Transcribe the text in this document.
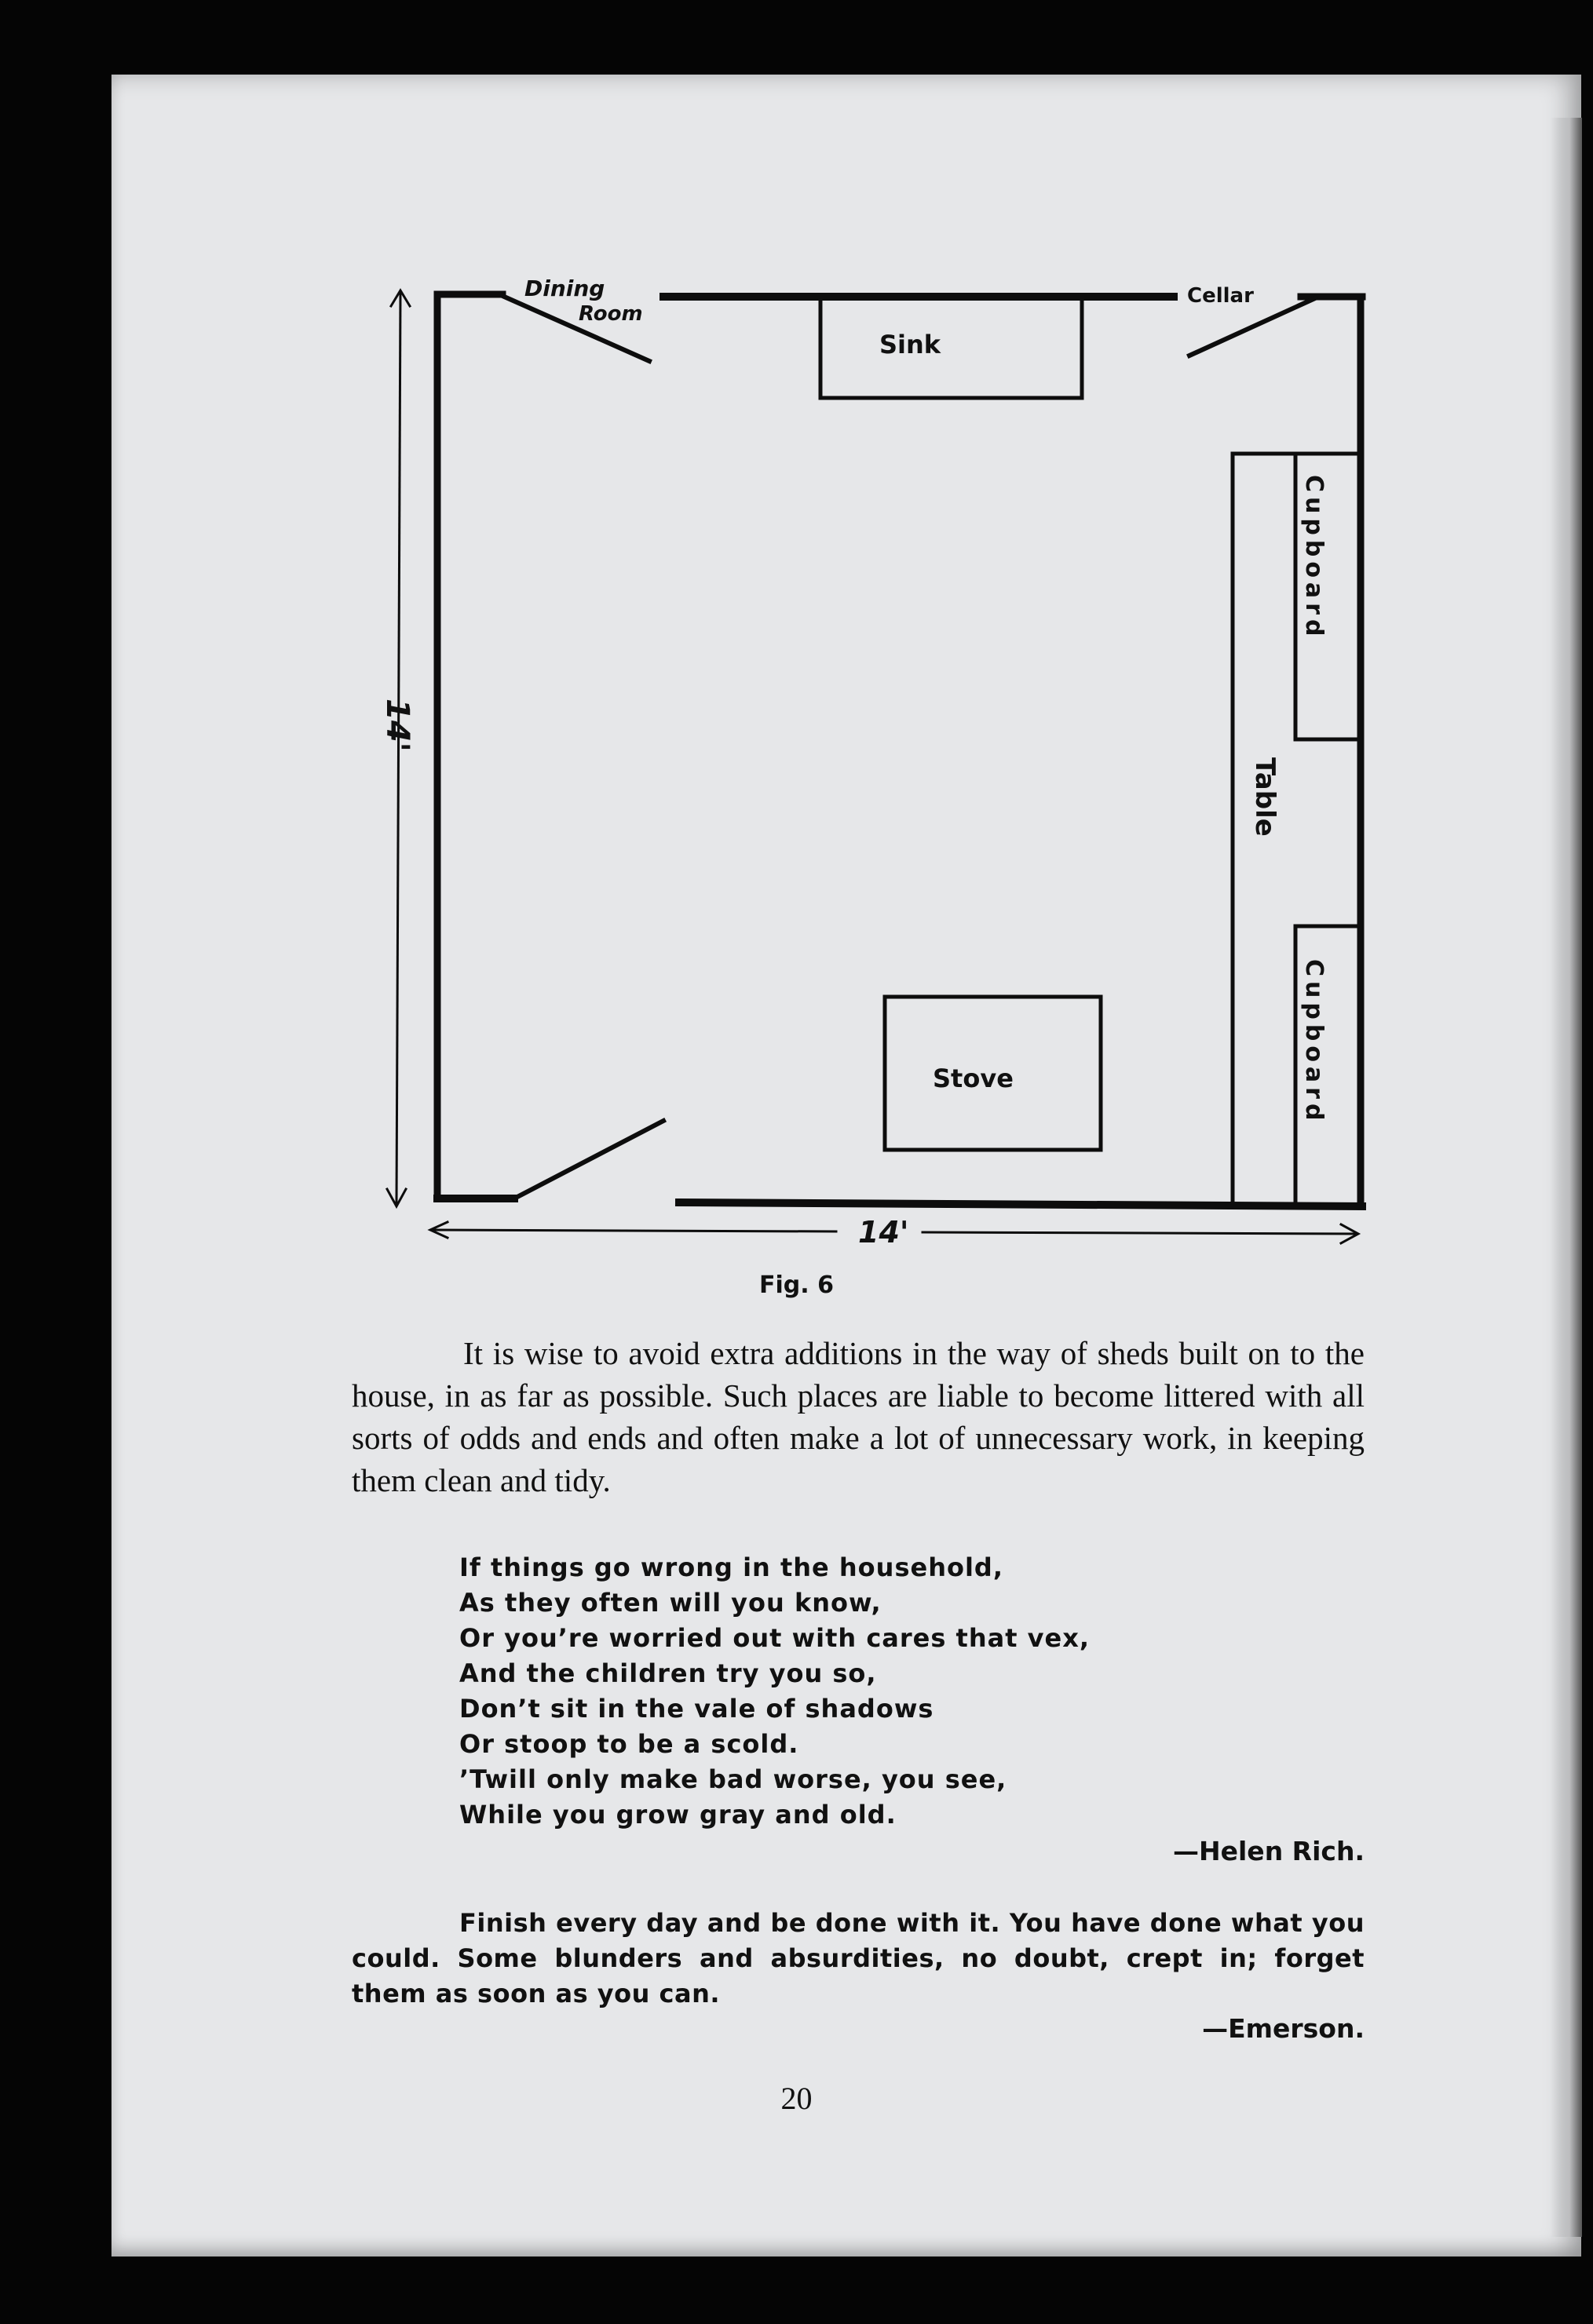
Dining
Room
Cellar
Sink
Stove
Table
Cupboard
Cupboard
14'
14'
Fig. 6

It is wise to avoid extra additions in the way of sheds built on to the house, in as far as possible. Such places are liable to become littered with all sorts of odds and ends and often make a lot of unnecessary work, in keeping them clean and tidy.

If things go wrong in the household,
As they often will you know,
Or you’re worried out with cares that vex,
And the children try you so,
Don’t sit in the vale of shadows
Or stoop to be a scold.
’Twill only make bad worse, you see,
While you grow gray and old.
—Helen Rich.

Finish every day and be done with it. You have done what you could. Some blunders and absurdities, no doubt, crept in; forget them as soon as you can.

—Emerson.
20
